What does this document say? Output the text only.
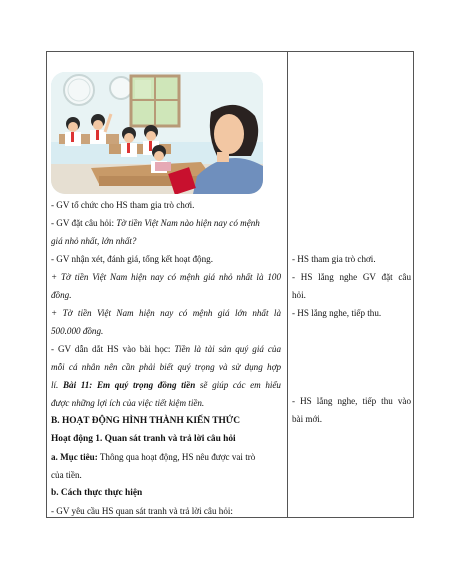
- GV tổ chức cho HS tham gia trò chơi.
- GV đặt câu hỏi: Tờ tiền Việt Nam nào hiện nay có mệnh
giá nhỏ nhất, lớn nhất?
- GV nhận xét, đánh giá, tổng kết hoạt động.
+ Tờ tiền Việt Nam hiện nay có mệnh giá nhỏ nhất là 100
đồng.
+ Tờ tiền Việt Nam hiện nay có mệnh giá lớn nhất là
500.000 đồng.
- GV dẫn dắt HS vào bài học: Tiền là tài sản quý giá của
mỗi cá nhân nên cần phải biết quý trọng và sử dụng hợp
lí. Bài 11: Em quý trọng đồng tiền sẽ giúp các em hiểu
được những lợi ích của việc tiết kiệm tiền.
B. HOẠT ĐỘNG HÌNH THÀNH KIẾN THỨC
Hoạt động 1. Quan sát tranh và trả lời câu hỏi
a. Mục tiêu: Thông qua hoạt động, HS nêu được vai trò
của tiền.
b. Cách thực thực hiện
- GV yêu cầu HS quan sát tranh và trả lời câu hỏi:
- HS tham gia trò chơi.
- HS lắng nghe GV đặt câu
hỏi.
- HS lắng nghe, tiếp thu.
- HS lắng nghe, tiếp thu vào
bài mới.
